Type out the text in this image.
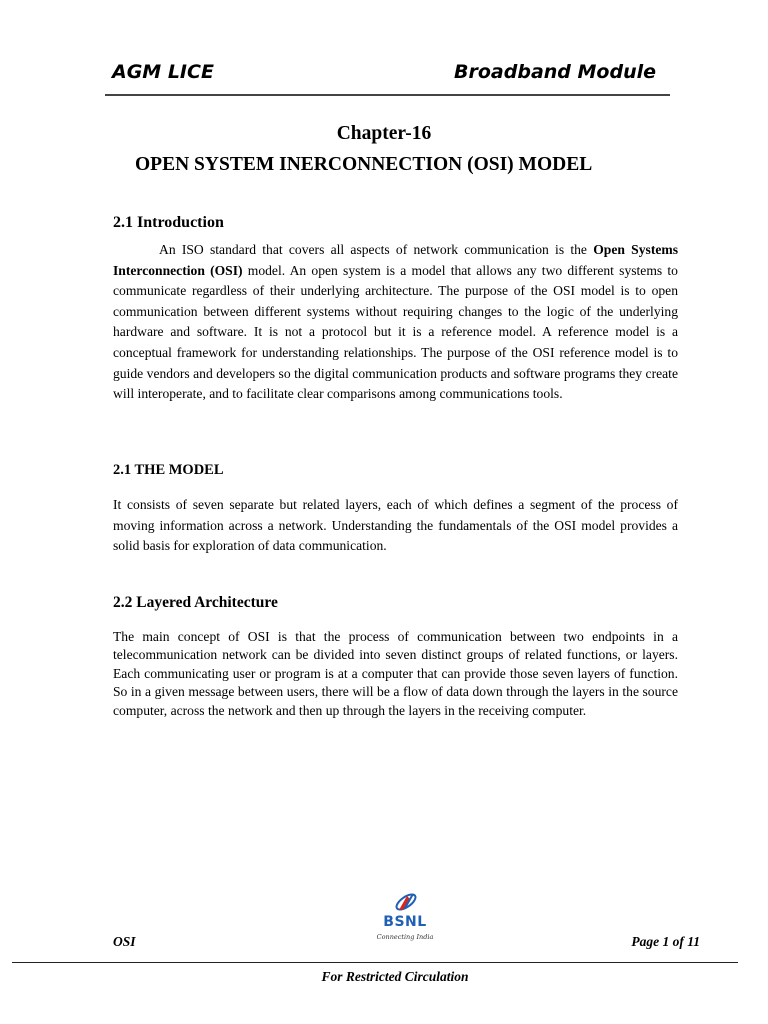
AGM LICE	Broadband Module
Chapter-16
OPEN SYSTEM INERCONNECTION (OSI) MODEL
2.1 Introduction
An ISO standard that covers all aspects of network communication is the Open Systems Interconnection (OSI) model. An open system is a model that allows any two different systems to communicate regardless of their underlying architecture. The purpose of the OSI model is to open communication between different systems without requiring changes to the logic of the underlying hardware and software. It is not a protocol but it is a reference model. A reference model is a conceptual framework for understanding relationships. The purpose of the OSI reference model is to guide vendors and developers so the digital communication products and software programs they create will interoperate, and to facilitate clear comparisons among communications tools.
2.1 THE MODEL
It consists of seven separate but related layers, each of which defines a segment of the process of moving information across a network. Understanding the fundamentals of the OSI model provides a solid basis for exploration of data communication.
2.2 Layered Architecture
The main concept of OSI is that the process of communication between two endpoints in a telecommunication network can be divided into seven distinct groups of related functions, or layers. Each communicating user or program is at a computer that can provide those seven layers of function. So in a given message between users, there will be a flow of data down through the layers in the source computer, across the network and then up through the layers in the receiving computer.
BSNL
Connecting India
OSI	Page 1 of 11
For Restricted Circulation
